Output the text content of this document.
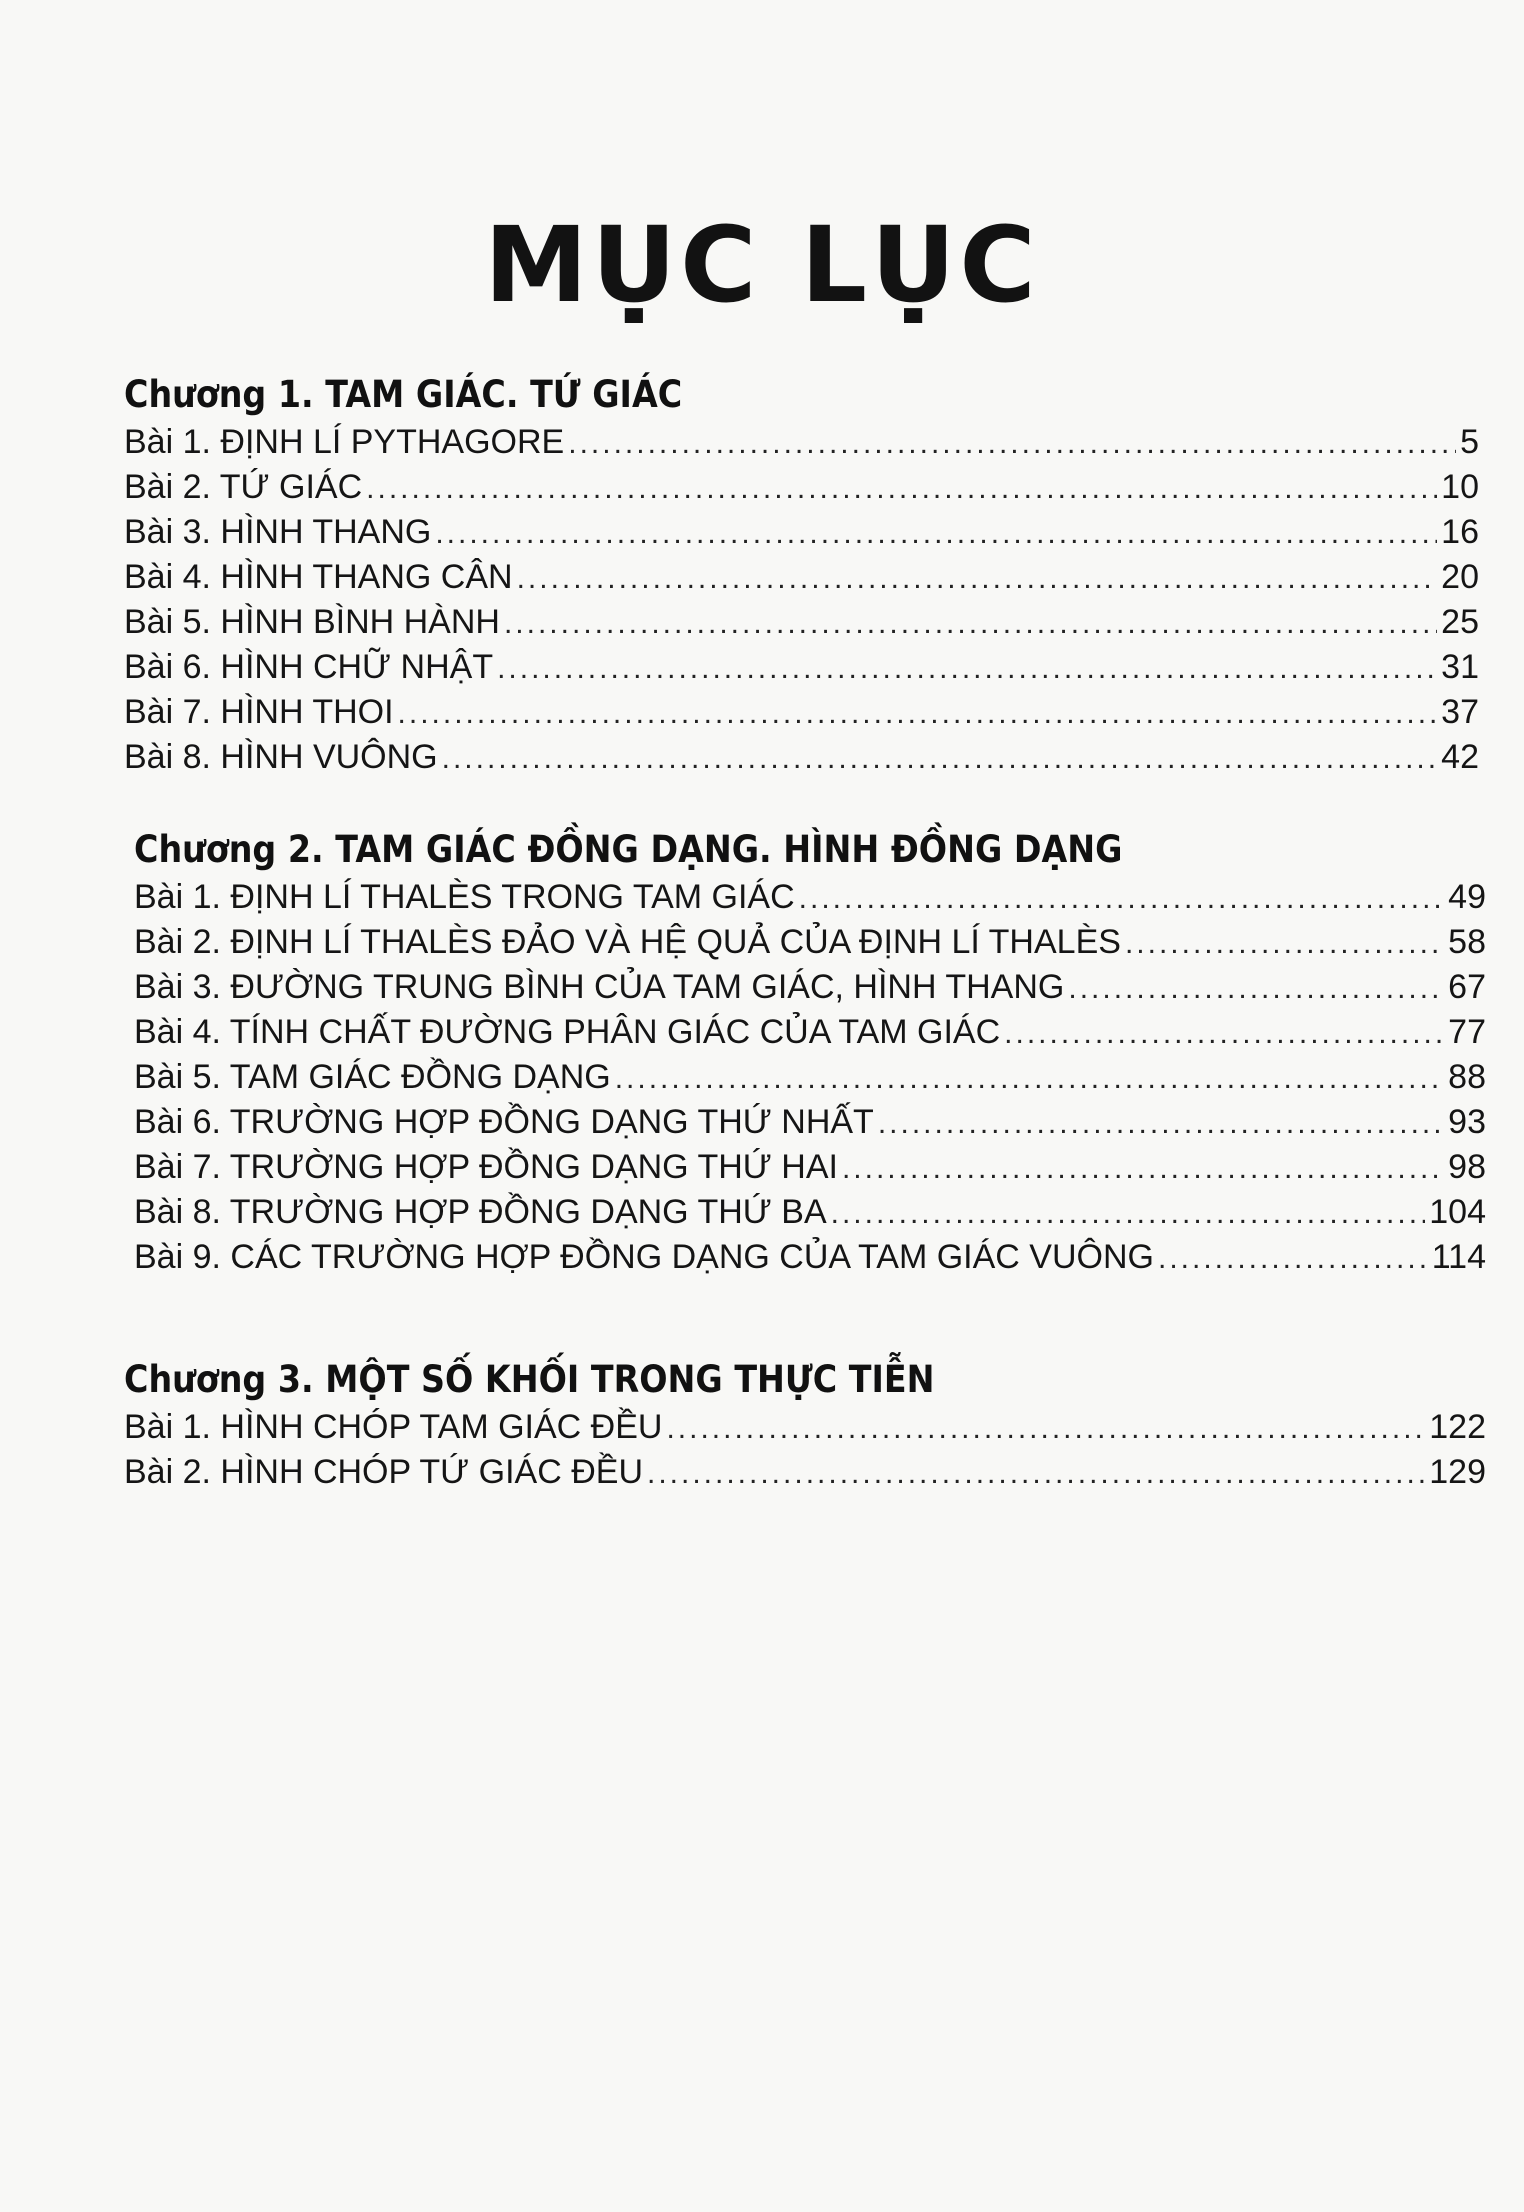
MỤC LỤC
Chương 1. TAM GIÁC. TỨ GIÁC
Bài 1. ĐỊNH LÍ PYTHAGORE .....	5
Bài 2. TỨ GIÁC .....	10
Bài 3. HÌNH THANG .....	16
Bài 4. HÌNH THANG CÂN .....	20
Bài 5. HÌNH BÌNH HÀNH .....	25
Bài 6. HÌNH CHỮ NHẬT .....	31
Bài 7. HÌNH THOI .....	37
Bài 8. HÌNH VUÔNG .....	42
Chương 2. TAM GIÁC ĐỒNG DẠNG. HÌNH ĐỒNG DẠNG
Bài 1. ĐỊNH LÍ THALÈS TRONG TAM GIÁC .....	49
Bài 2. ĐỊNH LÍ THALÈS ĐẢO VÀ HỆ QUẢ CỦA ĐỊNH LÍ THALÈS .....	58
Bài 3. ĐƯỜNG TRUNG BÌNH CỦA TAM GIÁC, HÌNH THANG .....	67
Bài 4. TÍNH CHẤT ĐƯỜNG PHÂN GIÁC CỦA TAM GIÁC .....	77
Bài 5. TAM GIÁC ĐỒNG DẠNG .....	88
Bài 6. TRƯỜNG HỢP ĐỒNG DẠNG THỨ NHẤT .....	93
Bài 7. TRƯỜNG HỢP ĐỒNG DẠNG THỨ HAI .....	98
Bài 8. TRƯỜNG HỢP ĐỒNG DẠNG THỨ BA .....	104
Bài 9. CÁC TRƯỜNG HỢP ĐỒNG DẠNG CỦA TAM GIÁC VUÔNG .....	114
Chương 3. MỘT SỐ KHỐI TRONG THỰC TIỄN
Bài 1. HÌNH CHÓP TAM GIÁC ĐỀU .....	122
Bài 2. HÌNH CHÓP TỨ GIÁC ĐỀU .....	129
